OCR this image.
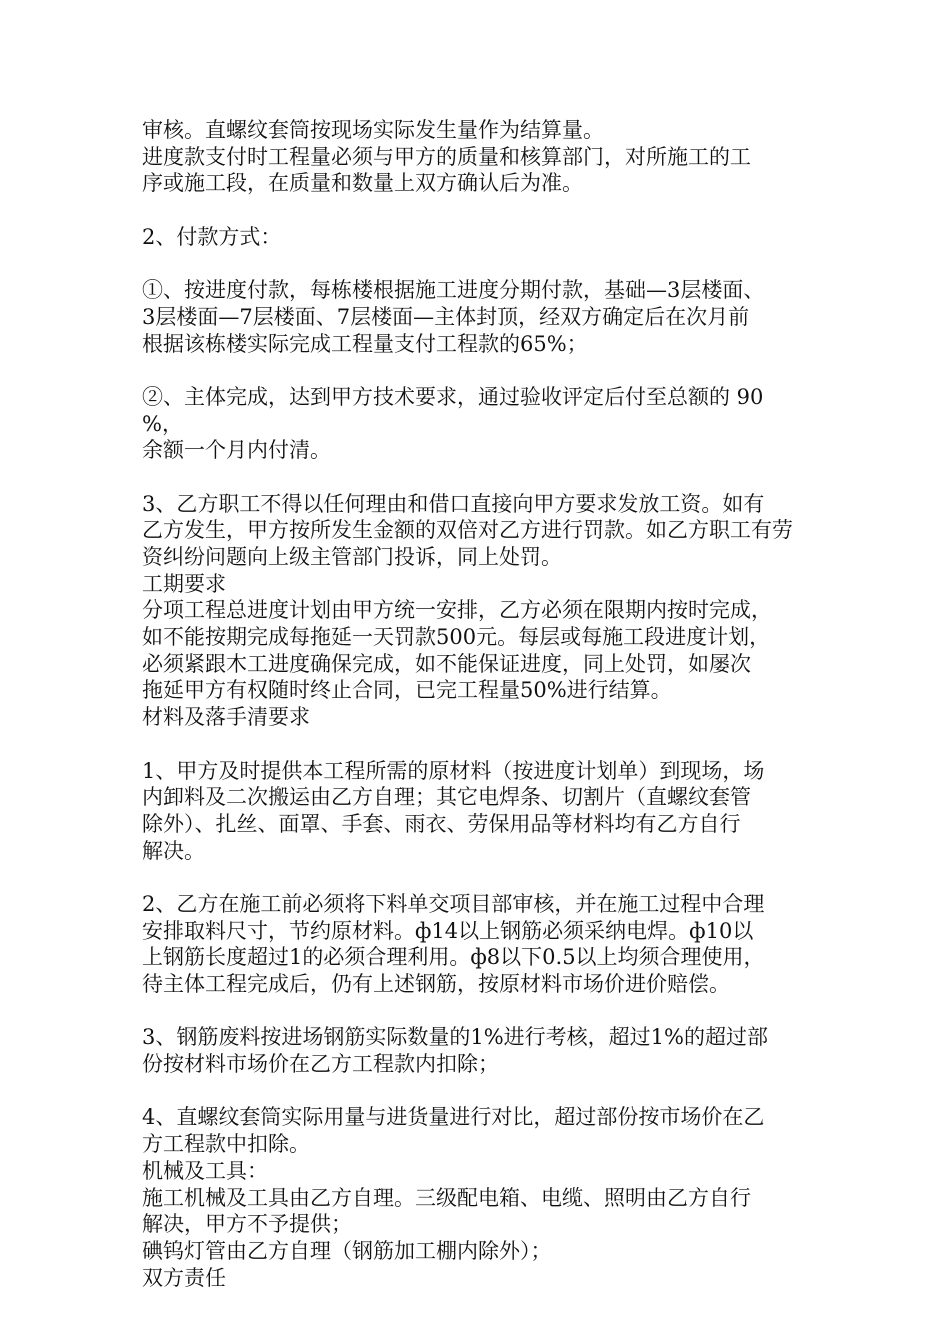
审核。直螺纹套筒按现场实际发生量作为结算量。
进度款支付时工程量必须与甲方的质量和核算部门，对所施工的工
序或施工段，在质量和数量上双方确认后为准。
2、付款方式：
①、按进度付款，每栋楼根据施工进度分期付款，基础—3层楼面、
3层楼面—7层楼面、7层楼面—主体封顶，经双方确定后在次月前
根据该栋楼实际完成工程量支付工程款的65%；
②、主体完成，达到甲方技术要求，通过验收评定后付至总额的 90
%，
余额一个月内付清。
3、乙方职工不得以任何理由和借口直接向甲方要求发放工资。如有
乙方发生，甲方按所发生金额的双倍对乙方进行罚款。如乙方职工有劳
资纠纷问题向上级主管部门投诉，同上处罚。
工期要求
分项工程总进度计划由甲方统一安排，乙方必须在限期内按时完成，
如不能按期完成每拖延一天罚款500元。每层或每施工段进度计划，
必须紧跟木工进度确保完成，如不能保证进度，同上处罚，如屡次
拖延甲方有权随时终止合同，已完工程量50%进行结算。
材料及落手清要求
1、甲方及时提供本工程所需的原材料（按进度计划单）到现场，场
内卸料及二次搬运由乙方自理；其它电焊条、切割片（直螺纹套管
除外）、扎丝、面罩、手套、雨衣、劳保用品等材料均有乙方自行
解决。
2、乙方在施工前必须将下料单交项目部审核，并在施工过程中合理
安排取料尺寸，节约原材料。ф14以上钢筋必须采纳电焊。ф10以
上钢筋长度超过1的必须合理利用。ф8以下0.5以上均须合理使用，
待主体工程完成后，仍有上述钢筋，按原材料市场价进价赔偿。
3、钢筋废料按进场钢筋实际数量的1%进行考核，超过1%的超过部
份按材料市场价在乙方工程款内扣除；
4、直螺纹套筒实际用量与进货量进行对比，超过部份按市场价在乙
方工程款中扣除。
机械及工具：
施工机械及工具由乙方自理。三级配电箱、电缆、照明由乙方自行
解决，甲方不予提供；
碘钨灯管由乙方自理（钢筋加工棚内除外）；
双方责任
